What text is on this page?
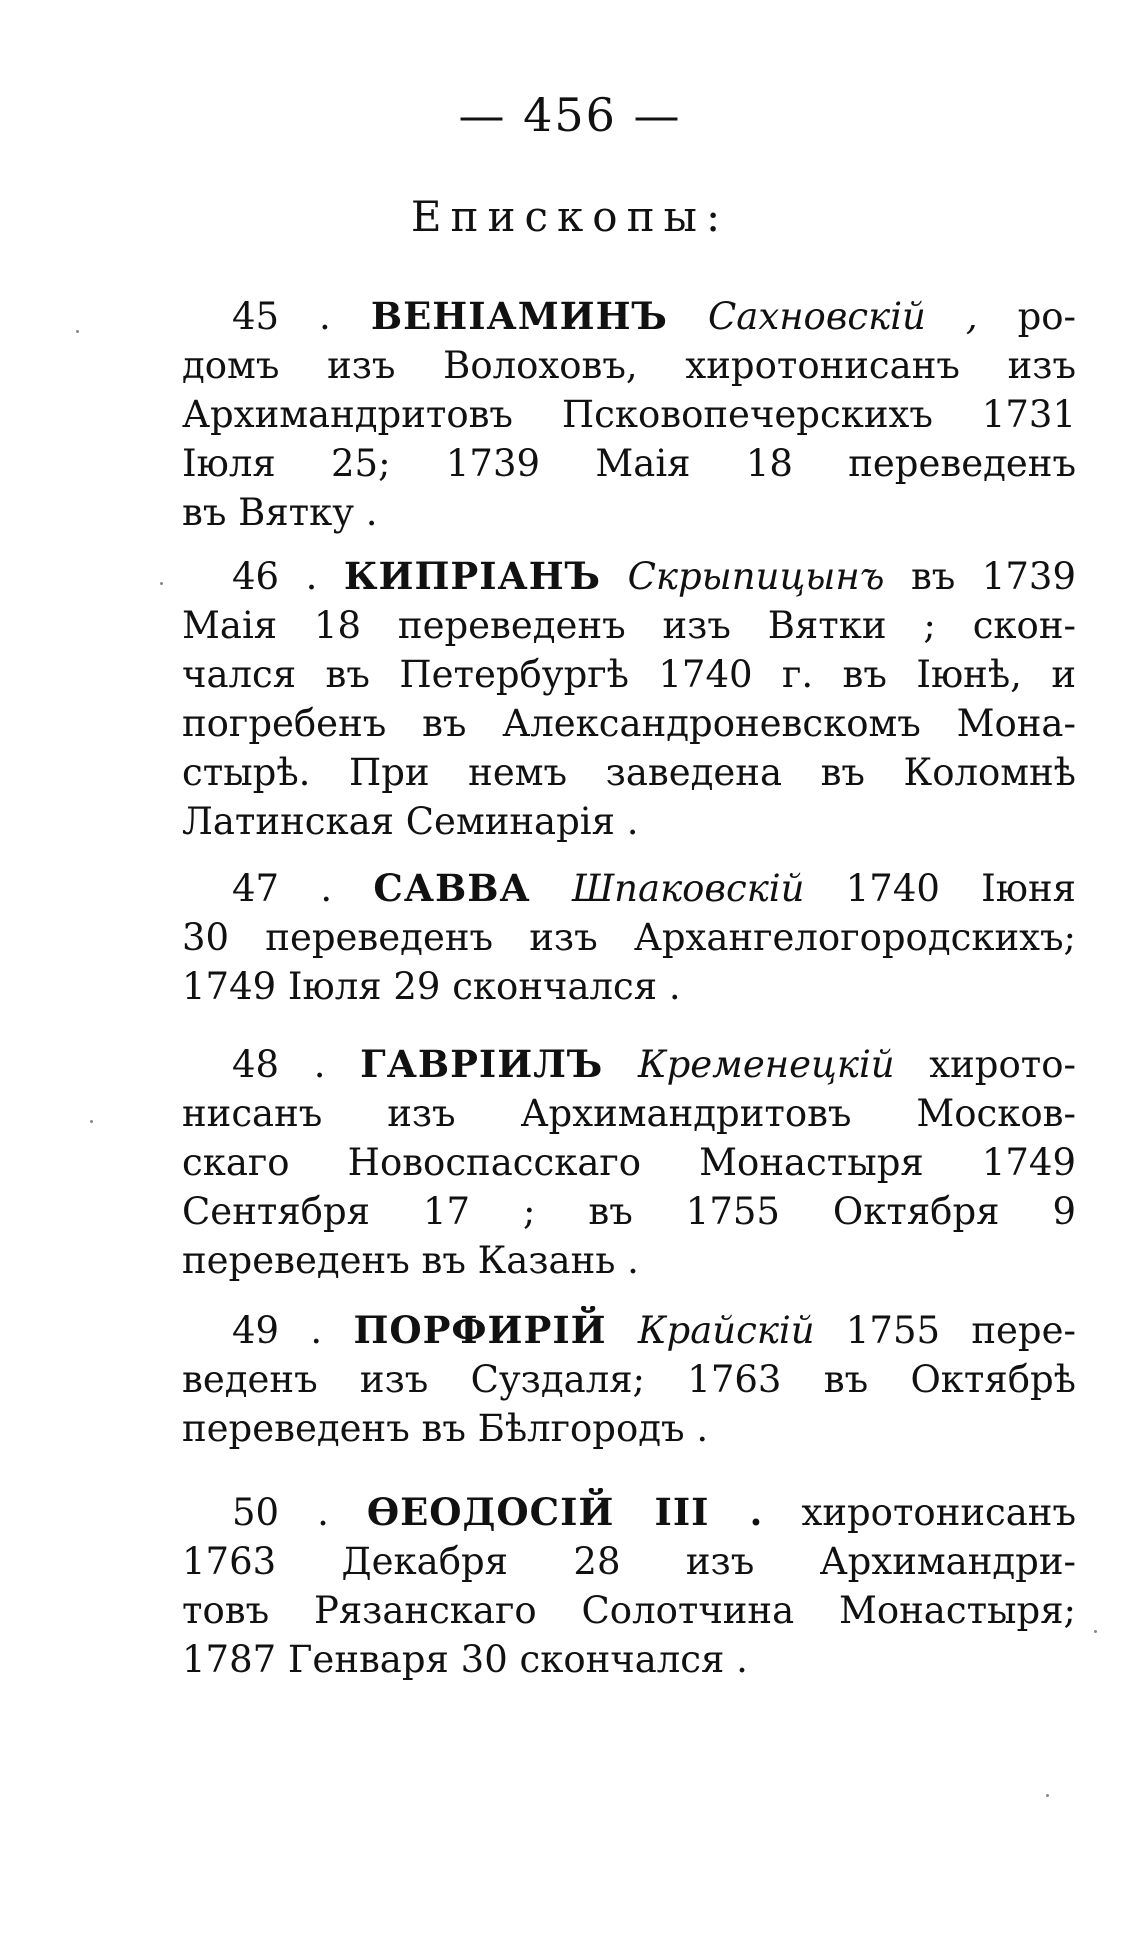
— 456 —
Епископы:
45 . ВЕНІАМИНЪ Сахновскій , ро-
домъ изъ Волоховъ, хиротонисанъ изъ
Архимандритовъ Псковопечерскихъ 1731
Іюля 25; 1739 Маія 18 переведенъ
въ Вятку .
46 . КИПРІАНЪ Скрыпицынъ въ 1739
Маія 18 переведенъ изъ Вятки ; скон-
чался въ Петербургѣ 1740 г. въ Іюнѣ, и
погребенъ въ Александроневскомъ Мона-
стырѣ. При немъ заведена въ Коломнѣ
Латинская Семинарія .
47 . САВВА Шпаковскій 1740 Іюня
30 переведенъ изъ Архангелогородскихъ;
1749 Іюля 29 скончался .
48 . ГАВРІИЛЪ Кременецкій хирото-
нисанъ изъ Архимандритовъ Москов-
скаго Новоспасскаго Монастыря 1749
Сентября 17 ; въ 1755 Октября 9
переведенъ въ Казань .
49 . ПОРФИРІЙ Крайскій 1755 пере-
веденъ изъ Суздаля; 1763 въ Октябрѣ
переведенъ въ Бѣлгородъ .
50 . ѲЕОДОСІЙ III . хиротонисанъ
1763 Декабря 28 изъ Архимандри-
товъ Рязанскаго Солотчина Монастыря;
1787 Генваря 30 скончался .
